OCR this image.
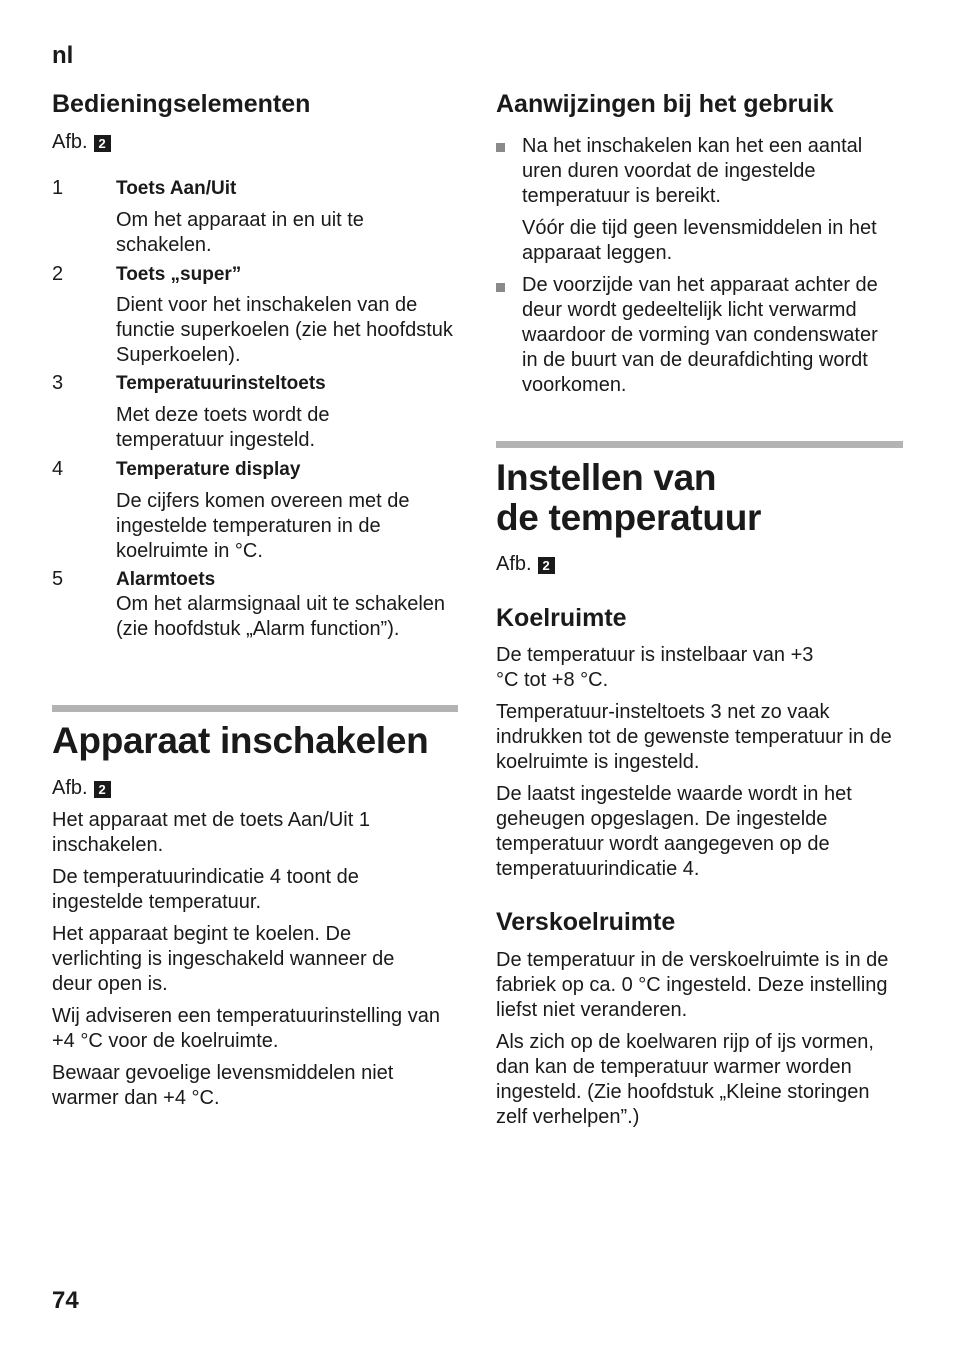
nl
Bedieningselementen
Afb. 2
1	Toets Aan/Uit
Om het apparaat in en uit te schakelen.
2	Toets „super”
Dient voor het inschakelen van de functie superkoelen (zie het hoofdstuk Superkoelen).
3	Temperatuurinsteltoets
Met deze toets wordt de temperatuur ingesteld.
4	Temperature display
De cijfers komen overeen met de ingestelde temperaturen in de koelruimte in °C.
5	Alarmtoets
Om het alarmsignaal uit te schakelen (zie hoofdstuk „Alarm function”).
Apparaat inschakelen
Afb. 2
Het apparaat met de toets Aan/Uit 1 inschakelen.
De temperatuurindicatie 4 toont de ingestelde temperatuur.
Het apparaat begint te koelen. De verlichting is ingeschakeld wanneer de deur open is.
Wij adviseren een temperatuurinstelling van +4 °C voor de koelruimte.
Bewaar gevoelige levensmiddelen niet warmer dan +4 °C.
Aanwijzingen bij het gebruik
Na het inschakelen kan het een aantal uren duren voordat de ingestelde temperatuur is bereikt.
Vóór die tijd geen levensmiddelen in het apparaat leggen.
De voorzijde van het apparaat achter de deur wordt gedeeltelijk licht verwarmd waardoor de vorming van condenswater in de buurt van de deurafdichting wordt voorkomen.
Instellen van
de temperatuur
Afb. 2
Koelruimte
De temperatuur is instelbaar van +3 °C tot +8 °C.
Temperatuur-insteltoets 3 net zo vaak indrukken tot de gewenste temperatuur in de koelruimte is ingesteld.
De laatst ingestelde waarde wordt in het geheugen opgeslagen. De ingestelde temperatuur wordt aangegeven op de temperatuurindicatie 4.
Verskoelruimte
De temperatuur in de verskoelruimte is in de fabriek op ca. 0 °C ingesteld. Deze instelling liefst niet veranderen.
Als zich op de koelwaren rijp of ijs vormen, dan kan de temperatuur warmer worden ingesteld. (Zie hoofdstuk „Kleine storingen zelf verhelpen”.)
74
